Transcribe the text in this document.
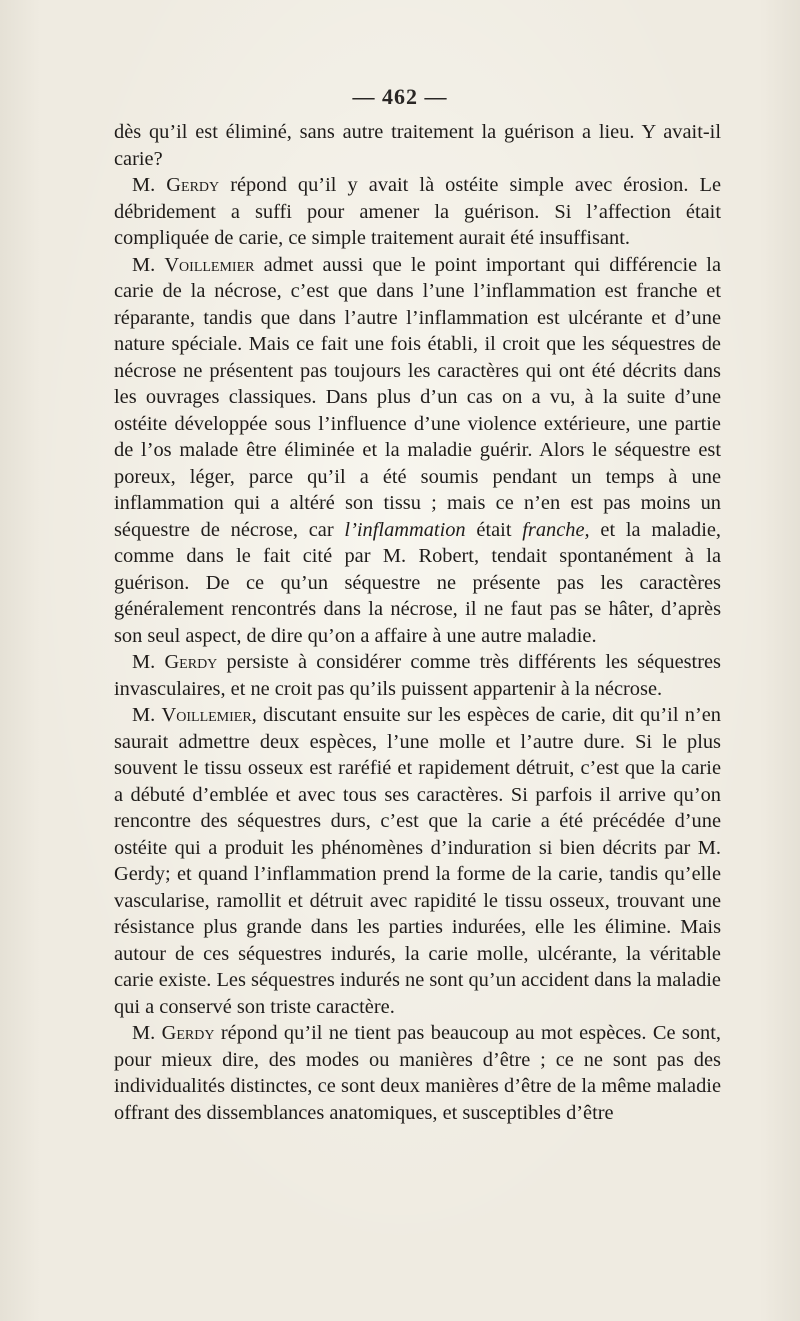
— 462 —

dès qu’il est éliminé, sans autre traitement la guérison a lieu. Y avait-il carie?

M. Gerdy répond qu’il y avait là ostéite simple avec érosion. Le débridement a suffi pour amener la guérison. Si l’affection était compliquée de carie, ce simple traitement aurait été insuffisant.

M. Voillemier admet aussi que le point important qui différencie la carie de la nécrose, c’est que dans l’une l’inflammation est franche et réparante, tandis que dans l’autre l’inflammation est ulcérante et d’une nature spéciale. Mais ce fait une fois établi, il croit que les séquestres de nécrose ne présentent pas toujours les caractères qui ont été décrits dans les ouvrages classiques. Dans plus d’un cas on a vu, à la suite d’une ostéite développée sous l’influence d’une violence extérieure, une partie de l’os malade être éliminée et la maladie guérir. Alors le séquestre est poreux, léger, parce qu’il a été soumis pendant un temps à une inflammation qui a altéré son tissu ; mais ce n’en est pas moins un séquestre de nécrose, car l’inflammation était franche, et la maladie, comme dans le fait cité par M. Robert, tendait spontanément à la guérison. De ce qu’un séquestre ne présente pas les caractères généralement rencontrés dans la nécrose, il ne faut pas se hâter, d’après son seul aspect, de dire qu’on a affaire à une autre maladie.

M. Gerdy persiste à considérer comme très différents les séquestres invasculaires, et ne croit pas qu’ils puissent appartenir à la nécrose.

M. Voillemier, discutant ensuite sur les espèces de carie, dit qu’il n’en saurait admettre deux espèces, l’une molle et l’autre dure. Si le plus souvent le tissu osseux est raréfié et rapidement détruit, c’est que la carie a débuté d’emblée et avec tous ses caractères. Si parfois il arrive qu’on rencontre des séquestres durs, c’est que la carie a été précédée d’une ostéite qui a produit les phénomènes d’induration si bien décrits par M. Gerdy; et quand l’inflammation prend la forme de la carie, tandis qu’elle vascularise, ramollit et détruit avec rapidité le tissu osseux, trouvant une résistance plus grande dans les parties indurées, elle les élimine. Mais autour de ces séquestres indurés, la carie molle, ulcérante, la véritable carie existe. Les séquestres indurés ne sont qu’un accident dans la maladie qui a conservé son triste caractère.

M. Gerdy répond qu’il ne tient pas beaucoup au mot espèces. Ce sont, pour mieux dire, des modes ou manières d’être ; ce ne sont pas des individualités distinctes, ce sont deux manières d’être de la même maladie offrant des dissemblances anatomiques, et susceptibles d’être
